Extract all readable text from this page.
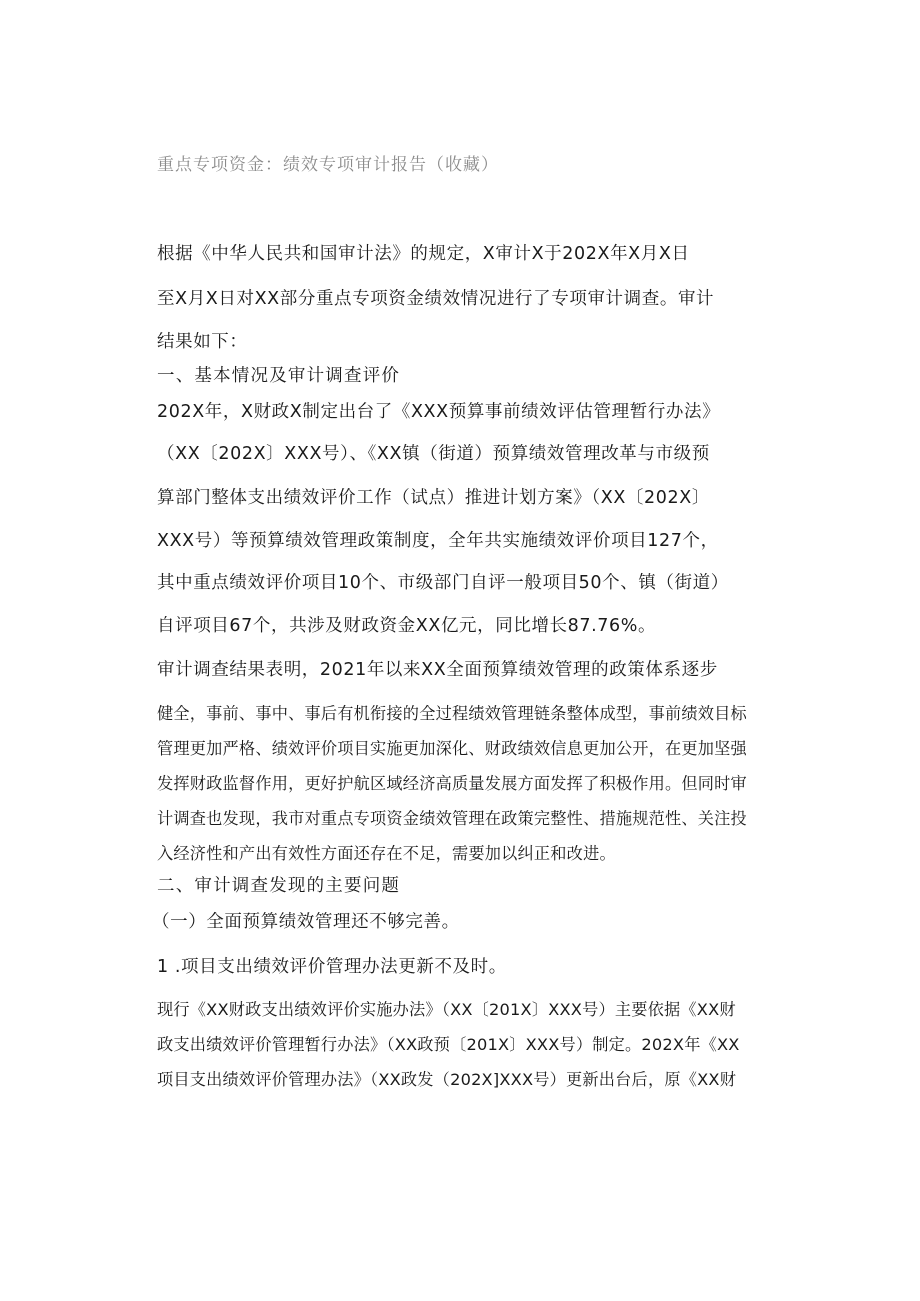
重点专项资金：绩效专项审计报告（收藏）
根据《中华人民共和国审计法》的规定，X审计X于202X年X月X日
至X月X日对XX部分重点专项资金绩效情况进行了专项审计调查。审计
结果如下：
一、基本情况及审计调查评价
202X年，X财政X制定出台了《XXX预算事前绩效评估管理暂行办法》
（XX〔202X〕XXX号）、《XX镇（街道）预算绩效管理改革与市级预
算部门整体支出绩效评价工作（试点）推进计划方案》（XX〔202X〕
XXX号）等预算绩效管理政策制度，全年共实施绩效评价项目127个，
其中重点绩效评价项目10个、市级部门自评一般项目50个、镇（街道）
自评项目67个，共涉及财政资金XX亿元，同比增长87.76%。
审计调查结果表明，2021年以来XX全面预算绩效管理的政策体系逐步
健全，事前、事中、事后有机衔接的全过程绩效管理链条整体成型，事前绩效目标
管理更加严格、绩效评价项目实施更加深化、财政绩效信息更加公开，在更加坚强
发挥财政监督作用，更好护航区域经济高质量发展方面发挥了积极作用。但同时审
计调查也发现，我市对重点专项资金绩效管理在政策完整性、措施规范性、关注投
入经济性和产出有效性方面还存在不足，需要加以纠正和改进。
二、审计调查发现的主要问题
（一）全面预算绩效管理还不够完善。
1 .项目支出绩效评价管理办法更新不及时。
现行《XX财政支出绩效评价实施办法》（XX〔201X〕XXX号）主要依据《XX财
政支出绩效评价管理暂行办法》（XX政预〔201X〕XXX号）制定。202X年《XX
项目支出绩效评价管理办法》（XX政发（202X]XXX号）更新出台后，原《XX财
